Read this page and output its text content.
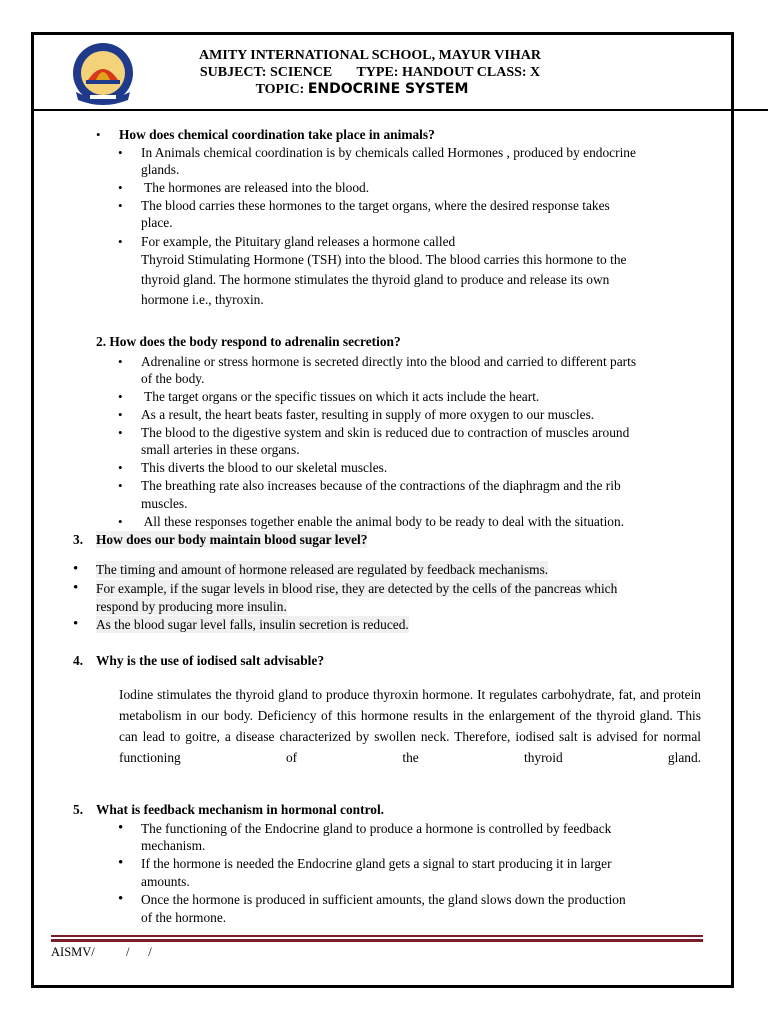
AMITY INTERNATIONAL SCHOOL, MAYUR VIHAR
SUBJECT: SCIENCE       TYPE: HANDOUT CLASS: X
TOPIC: ENDOCRINE SYSTEM
• How does chemical coordination take place in animals?
• In Animals chemical coordination is by chemicals called Hormones , produced by endocrine
glands.
• The hormones are released into the blood.
• The blood carries these hormones to the target organs, where the desired response takes
place.
• For example, the Pituitary gland releases a hormone called
Thyroid Stimulating Hormone (TSH) into the blood. The blood carries this hormone to the
thyroid gland. The hormone stimulates the thyroid gland to produce and release its own
hormone i.e., thyroxin.
2. How does the body respond to adrenalin secretion?
• Adrenaline or stress hormone is secreted directly into the blood and carried to different parts
of the body.
• The target organs or the specific tissues on which it acts include the heart.
• As a result, the heart beats faster, resulting in supply of more oxygen to our muscles.
• The blood to the digestive system and skin is reduced due to contraction of muscles around
small arteries in these organs.
• This diverts the blood to our skeletal muscles.
• The breathing rate also increases because of the contractions of the diaphragm and the rib
muscles.
• All these responses together enable the animal body to be ready to deal with the situation.
3. How does our body maintain blood sugar level?
• The timing and amount of hormone released are regulated by feedback mechanisms.
• For example, if the sugar levels in blood rise, they are detected by the cells of the pancreas which
respond by producing more insulin.
• As the blood sugar level falls, insulin secretion is reduced.
4. Why is the use of iodised salt advisable?
Iodine stimulates the thyroid gland to produce thyroxin hormone. It regulates carbohydrate, fat, and protein metabolism in our body. Deficiency of this hormone results in the enlargement of the thyroid gland. This can lead to goitre, a disease characterized by swollen neck. Therefore, iodised salt is advised for normal functioning of the thyroid gland.
5. What is feedback mechanism in hormonal control.
• The functioning of the Endocrine gland to produce a hormone is controlled by feedback
mechanism.
• If the hormone is needed the Endocrine gland gets a signal to start producing it in larger
amounts.
• Once the hormone is produced in sufficient amounts, the gland slows down the production
of the hormone.
AISMV/          /      /
